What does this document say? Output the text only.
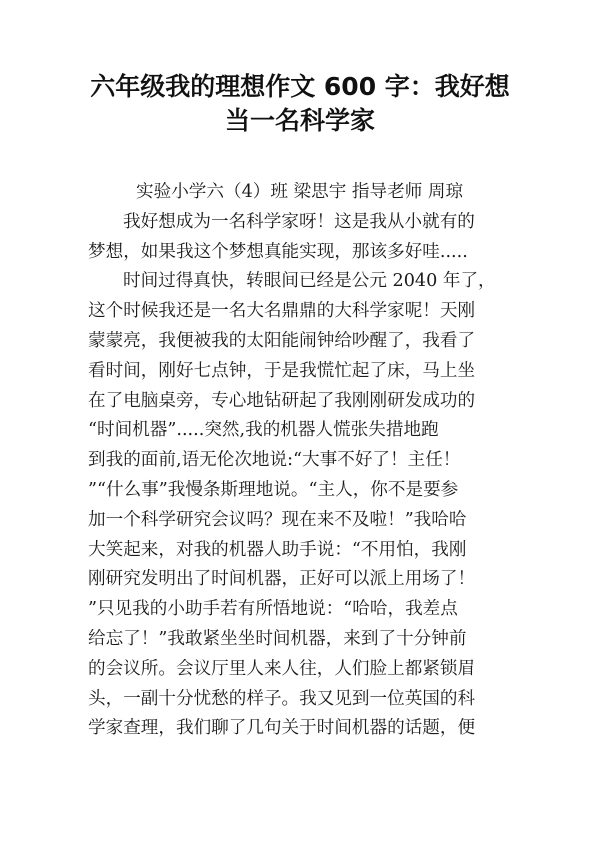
六年级我的理想作文 600 字：我好想
当一名科学家
实验小学六（4）班 梁思宇 指导老师 周琼
我好想成为一名科学家呀！这是我从小就有的
梦想，如果我这个梦想真能实现，那该多好哇.....
时间过得真快，转眼间已经是公元 2040 年了，
这个时候我还是一名大名鼎鼎的大科学家呢！天刚
蒙蒙亮，我便被我的太阳能闹钟给吵醒了，我看了
看时间，刚好七点钟，于是我慌忙起了床，马上坐
在了电脑桌旁，专心地钻研起了我刚刚研发成功的
“时间机器”.....突然,我的机器人慌张失措地跑
到我的面前,语无伦次地说:“大事不好了！主任！
”“什么事”我慢条斯理地说。“主人，你不是要参
加一个科学研究会议吗？现在来不及啦！”我哈哈
大笑起来，对我的机器人助手说：“不用怕，我刚
刚研究发明出了时间机器，正好可以派上用场了！
”只见我的小助手若有所悟地说：“哈哈，我差点
给忘了！”我敢紧坐坐时间机器，来到了十分钟前
的会议所。会议厅里人来人往，人们脸上都紧锁眉
头，一副十分忧愁的样子。我又见到一位英国的科
学家查理，我们聊了几句关于时间机器的话题，便
